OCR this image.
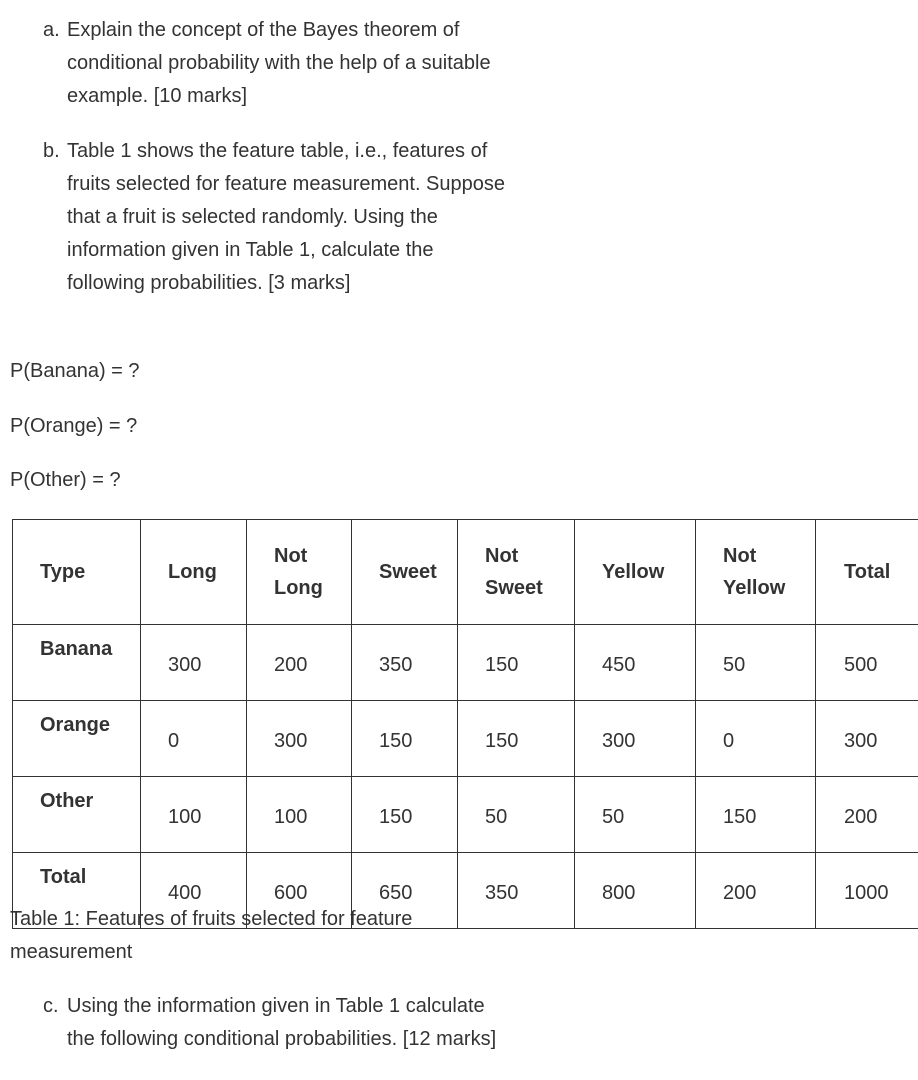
a. Explain the concept of the Bayes theorem of conditional probability with the help of a suitable example. [10 marks]
b. Table 1 shows the feature table, i.e., features of fruits selected for feature measurement. Suppose that a fruit is selected randomly. Using the information given in Table 1, calculate the following probabilities. [3 marks]
P(Banana) = ?
P(Orange) = ?
P(Other) = ?
Type	Long	Not Long	Sweet	Not Sweet	Yellow	Not Yellow	Total
Banana	300	200	350	150	450	50	500
Orange	0	300	150	150	300	0	300
Other	100	100	150	50	50	150	200
Total	400	600	650	350	800	200	1000
Table 1: Features of fruits selected for feature measurement
c. Using the information given in Table 1 calculate the following conditional probabilities. [12 marks]
